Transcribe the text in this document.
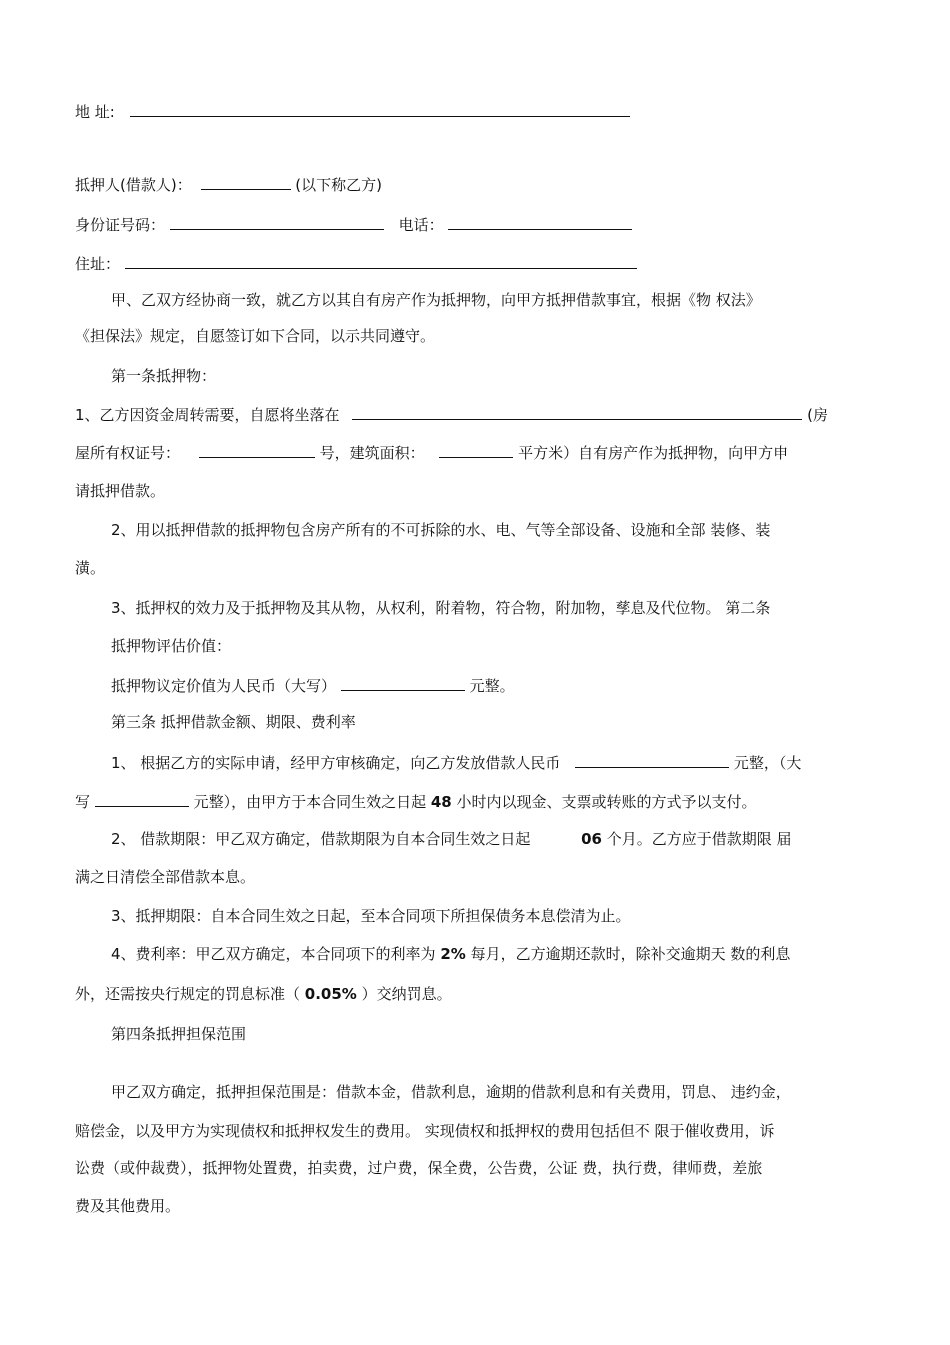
地 址:
抵押人(借款人)：	(以下称乙方)
身份证号码：	电话：
住址：
甲、乙双方经协商一致，就乙方以其自有房产作为抵押物，向甲方抵押借款事宜，根据《物 权法》
《担保法》规定，自愿签订如下合同，以示共同遵守。
第一条抵押物：
1、乙方因资金周转需要，自愿将坐落在	(房
屋所有权证号：	号，建筑面积：	平方米）自有房产作为抵押物，向甲方申
请抵押借款。
2、用以抵押借款的抵押物包含房产所有的不可拆除的水、电、气等全部设备、设施和全部 装修、装
潢。
3、抵押权的效力及于抵押物及其从物，从权利，附着物，符合物，附加物，孳息及代位物。 第二条
抵押物评估价值：
抵押物议定价值为人民币（大写）	元整。
第三条 抵押借款金额、期限、费利率
1、 根据乙方的实际申请，经甲方审核确定，向乙方发放借款人民币	元整，（大
写	元整），由甲方于本合同生效之日起 48 小时内以现金、支票或转账的方式予以支付。
2、 借款期限：甲乙双方确定，借款期限为自本合同生效之日起	06 个月。乙方应于借款期限 届
满之日清偿全部借款本息。
3、抵押期限：自本合同生效之日起，至本合同项下所担保债务本息偿清为止。
4、费利率：甲乙双方确定，本合同项下的利率为 2% 每月，乙方逾期还款时，除补交逾期天 数的利息
外，还需按央行规定的罚息标准（ 0.05% ）交纳罚息。
第四条抵押担保范围
甲乙双方确定，抵押担保范围是：借款本金，借款利息，逾期的借款利息和有关费用，罚息、 违约金，
赔偿金，以及甲方为实现债权和抵押权发生的费用。 实现债权和抵押权的费用包括但不 限于催收费用，诉
讼费（或仲裁费），抵押物处置费，拍卖费，过户费，保全费，公告费，公证 费，执行费，律师费，差旅
费及其他费用。
